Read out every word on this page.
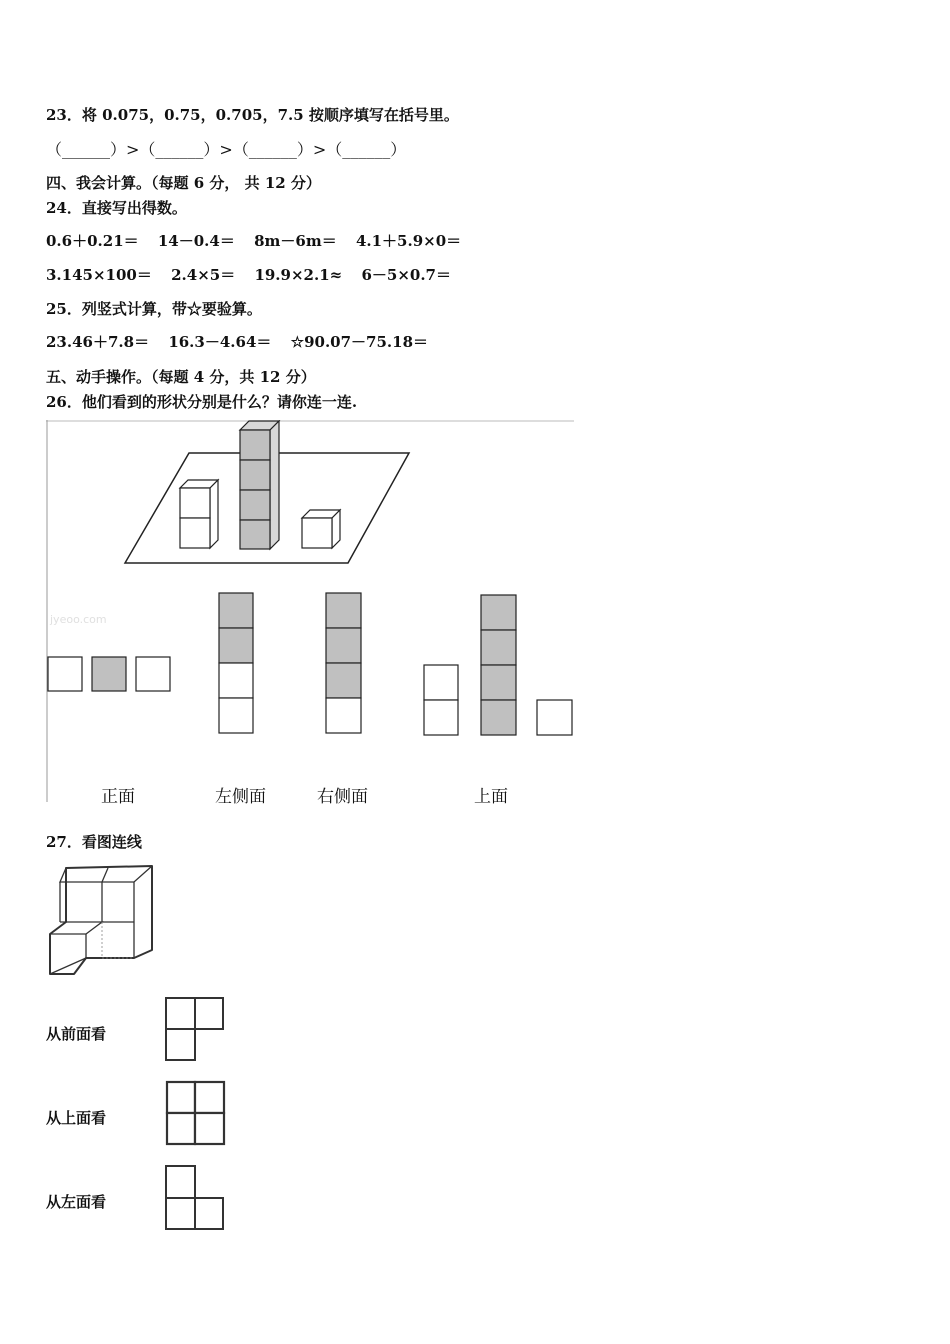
23．将 0.075，0.75，0.705，7.5 按顺序填写在括号里。
（______）>（______）>（______）>（______）
四、我会计算。（每题 6 分， 共 12 分）
24．直接写出得数。
0.6＋0.21＝ 14－0.4＝ 8m－6m＝ 4.1＋5.9×0＝
3.145×100＝ 2.4×5＝ 19.9×2.1≈ 6－5×0.7＝
25．列竖式计算，带☆要验算。
23.46＋7.8＝ 16.3－4.64＝ ☆90.07－75.18＝
五、动手操作。（每题 4 分，共 12 分）
26．他们看到的形状分别是什么？请你连一连.
jyeoo.com
正面	左侧面	右侧面	上面
27．看图连线
从前面看
从上面看
从左面看
